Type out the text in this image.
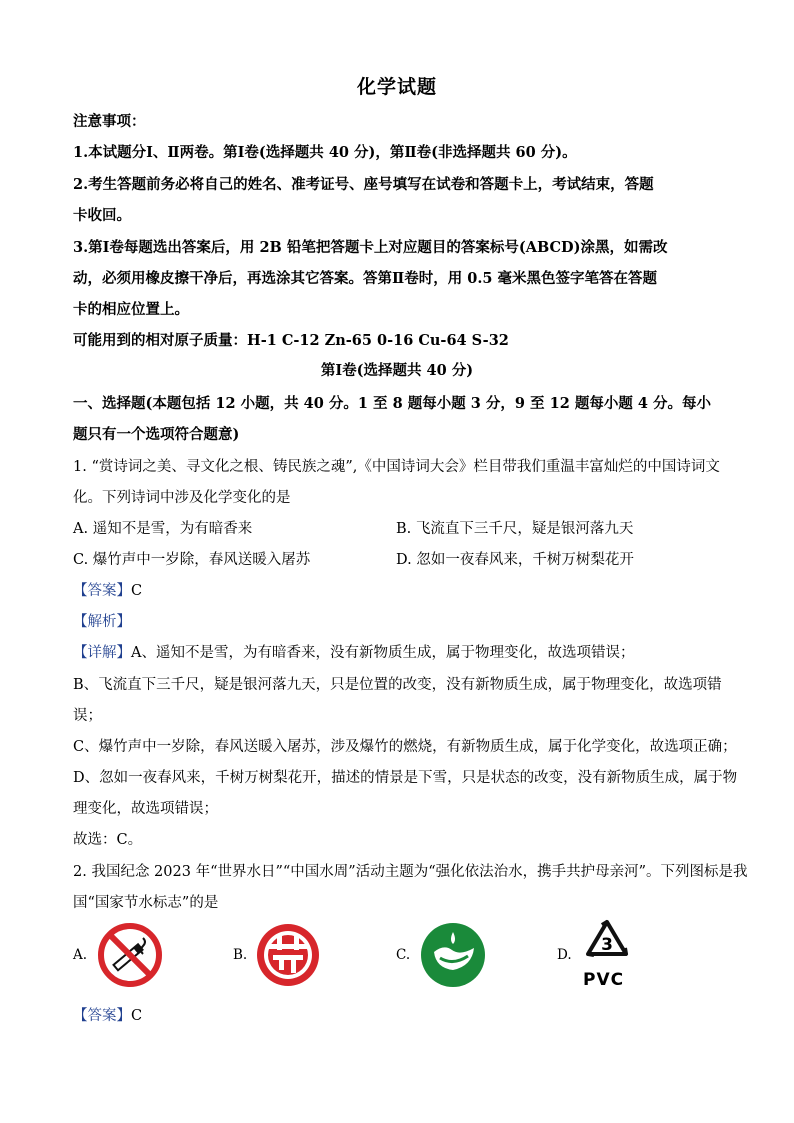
化学试题
注意事项：
1.本试题分Ⅰ、Ⅱ两卷。第Ⅰ卷(选择题共 40 分)，第Ⅱ卷(非选择题共 60 分)。
2.考生答题前务必将自己的姓名、准考证号、座号填写在试卷和答题卡上，考试结束，答题
卡收回。
3.第Ⅰ卷每题选出答案后，用 2B 铅笔把答题卡上对应题目的答案标号(ABCD)涂黑，如需改
动，必须用橡皮擦干净后，再选涂其它答案。答第Ⅱ卷时，用 0.5 毫米黑色签字笔答在答题
卡的相应位置上。
可能用到的相对原子质量：H-1 C-12 Zn-65 0-16 Cu-64 S-32
第Ⅰ卷(选择题共 40 分)
一、选择题(本题包括 12 小题，共 40 分。1 至 8 题每小题 3 分，9 至 12 题每小题 4 分。每小
题只有一个选项符合题意)
1. “赏诗词之美、寻文化之根、铸民族之魂”,《中国诗词大会》栏目带我们重温丰富灿烂的中国诗词文
化。下列诗词中涉及化学变化的是
A. 遥知不是雪，为有暗香来	B. 飞流直下三千尺，疑是银河落九天
C. 爆竹声中一岁除，春风送暖入屠苏	D. 忽如一夜春风来，千树万树梨花开
【答案】C
【解析】
【详解】A、遥知不是雪，为有暗香来，没有新物质生成，属于物理变化，故选项错误；
B、飞流直下三千尺，疑是银河落九天，只是位置的改变，没有新物质生成，属于物理变化，故选项错
误；
C、爆竹声中一岁除，春风送暖入屠苏，涉及爆竹的燃烧，有新物质生成，属于化学变化，故选项正确；
D、忽如一夜春风来，千树万树梨花开，描述的情景是下雪，只是状态的改变，没有新物质生成，属于物
理变化，故选项错误；
故选：C。
2. 我国纪念 2023 年“世界水日”“中国水周”活动主题为“强化依法治水，携手共护母亲河”。下列图标是我
国“国家节水标志”的是
A.	B.	C.	D. 3
PVC
【答案】C
